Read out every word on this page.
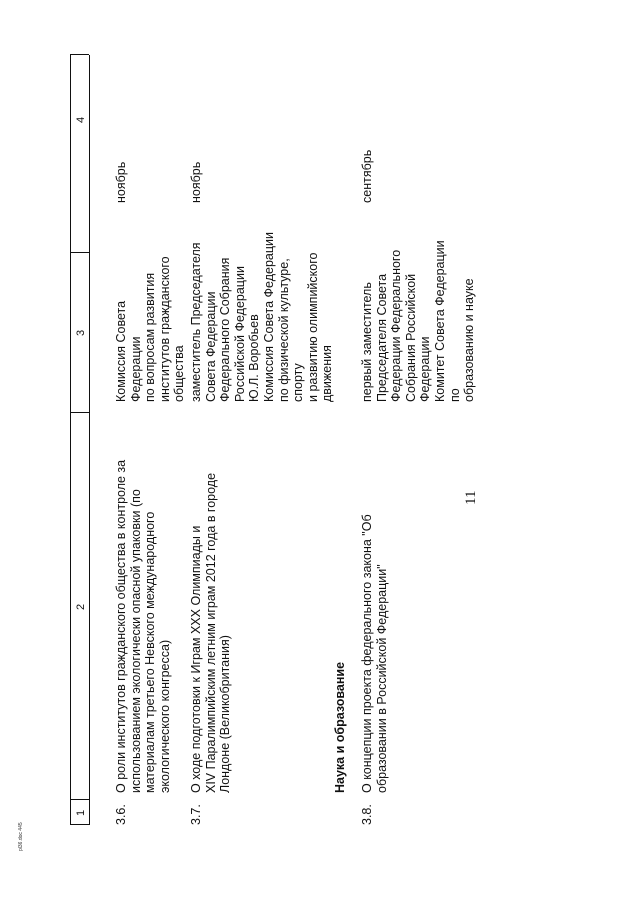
11
1
2
3
4
3.6.
О роли институтов гражданского общества в контроле за
использованием экологически опасной упаковки (по
материалам третьего Невского международного
экологического конгресса)
Комиссия Совета Федерации
по вопросам развития
институтов гражданского
общества
ноябрь
3.7.
О ходе подготовки к Играм XXX Олимпиады и
XIV Паралимпийским летним играм 2012 года в городе
Лондоне (Великобритания)
заместитель Председателя
Совета Федерации
Федерального Собрания
Российской Федерации
Ю.Л. Воробьев
Комиссия Совета Федерации
по физической культуре, спорту
и развитию олимпийского
движения
ноябрь
Наука и образование
3.8.
О концепции проекта федерального закона "Об
образовании в Российской Федерации"
первый заместитель
Председателя Совета
Федерации Федерального
Собрания Российской
Федерации
Комитет Совета Федерации по
образованию и науке
сентябрь
pl36.doc 445
